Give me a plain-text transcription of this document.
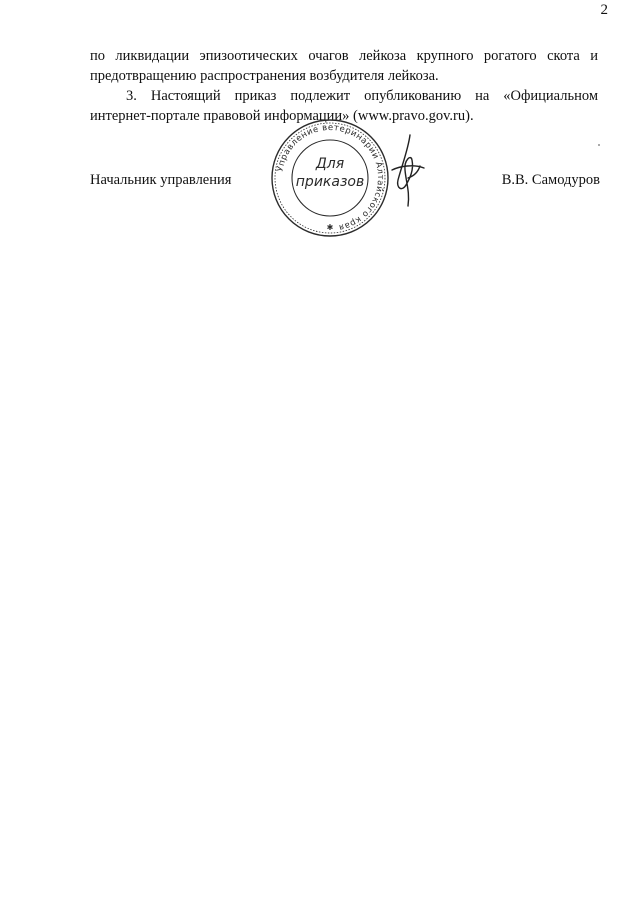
2

по ликвидации эпизоотических очагов лейкоза крупного рогатого скота и предотвращению распространения возбудителя лейкоза.

3. Настоящий приказ подлежит опубликованию на «Официальном интернет-портале правовой информации» (www.pravo.gov.ru).

Начальник управления	В.В. Самодуров
Управление ветеринарии Алтайского края
Для
приказов
✱
